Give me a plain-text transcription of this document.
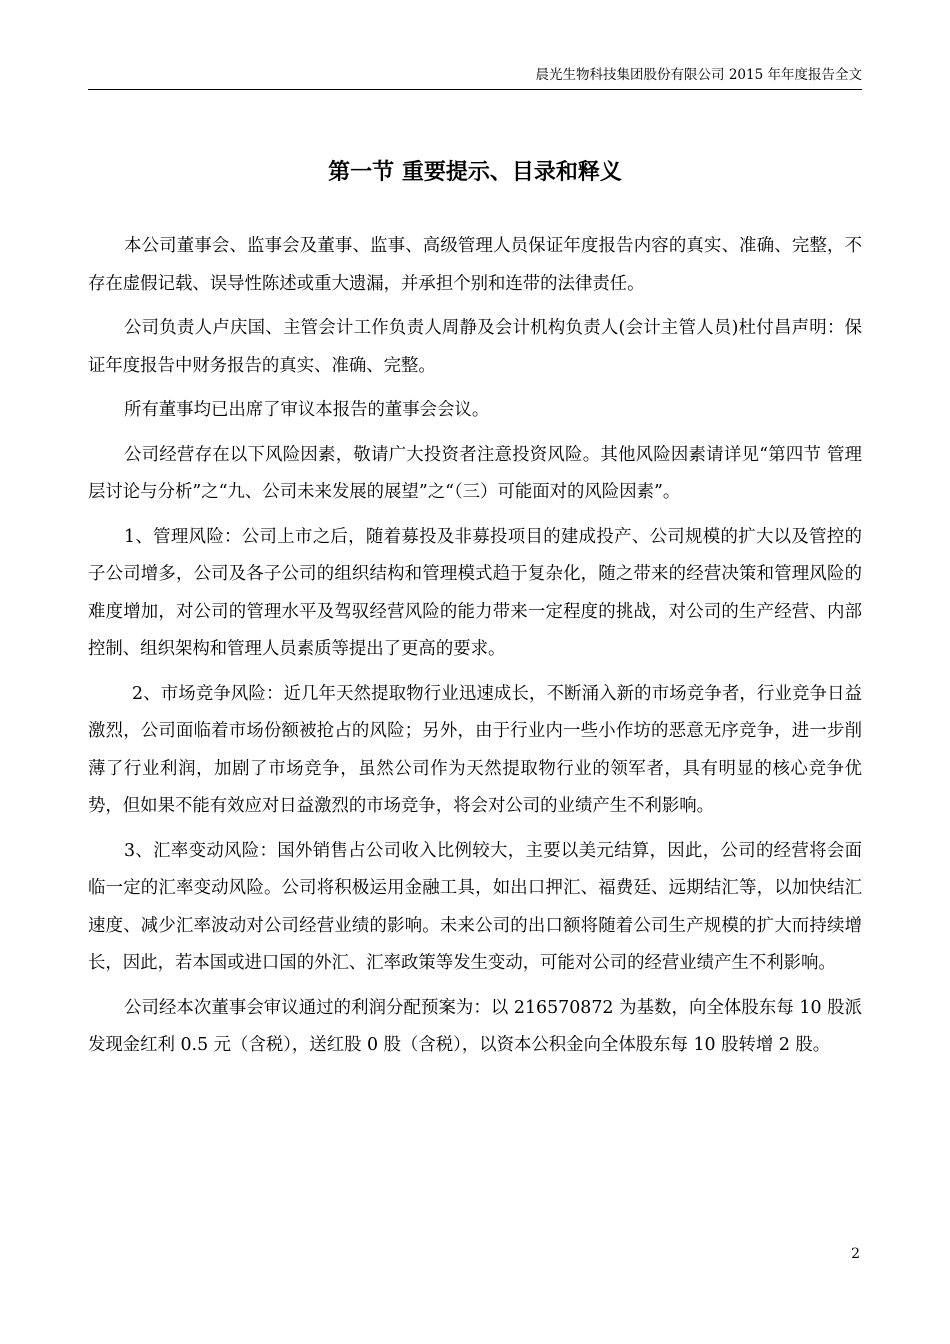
晨光生物科技集团股份有限公司 2015 年年度报告全文
第一节 重要提示、目录和释义

本公司董事会、监事会及董事、监事、高级管理人员保证年度报告内容的真实、准确、完整，不存在虚假记载、误导性陈述或重大遗漏，并承担个别和连带的法律责任。

公司负责人卢庆国、主管会计工作负责人周静及会计机构负责人(会计主管人员)杜付昌声明：保证年度报告中财务报告的真实、准确、完整。

所有董事均已出席了审议本报告的董事会会议。

公司经营存在以下风险因素，敬请广大投资者注意投资风险。其他风险因素请详见“第四节 管理层讨论与分析”之“九、公司未来发展的展望”之“（三）可能面对的风险因素”。

1、管理风险：公司上市之后，随着募投及非募投项目的建成投产、公司规模的扩大以及管控的子公司增多，公司及各子公司的组织结构和管理模式趋于复杂化，随之带来的经营决策和管理风险的难度增加，对公司的管理水平及驾驭经营风险的能力带来一定程度的挑战，对公司的生产经营、内部控制、组织架构和管理人员素质等提出了更高的要求。

2、市场竞争风险：近几年天然提取物行业迅速成长，不断涌入新的市场竞争者，行业竞争日益激烈，公司面临着市场份额被抢占的风险；另外，由于行业内一些小作坊的恶意无序竞争，进一步削薄了行业利润，加剧了市场竞争，虽然公司作为天然提取物行业的领军者，具有明显的核心竞争优势，但如果不能有效应对日益激烈的市场竞争，将会对公司的业绩产生不利影响。

3、汇率变动风险：国外销售占公司收入比例较大，主要以美元结算，因此，公司的经营将会面临一定的汇率变动风险。公司将积极运用金融工具，如出口押汇、福费廷、远期结汇等，以加快结汇速度、减少汇率波动对公司经营业绩的影响。未来公司的出口额将随着公司生产规模的扩大而持续增长，因此，若本国或进口国的外汇、汇率政策等发生变动，可能对公司的经营业绩产生不利影响。

公司经本次董事会审议通过的利润分配预案为：以 216570872 为基数，向全体股东每 10 股派发现金红利 0.5 元（含税），送红股 0 股（含税），以资本公积金向全体股东每 10 股转增 2 股。

2
